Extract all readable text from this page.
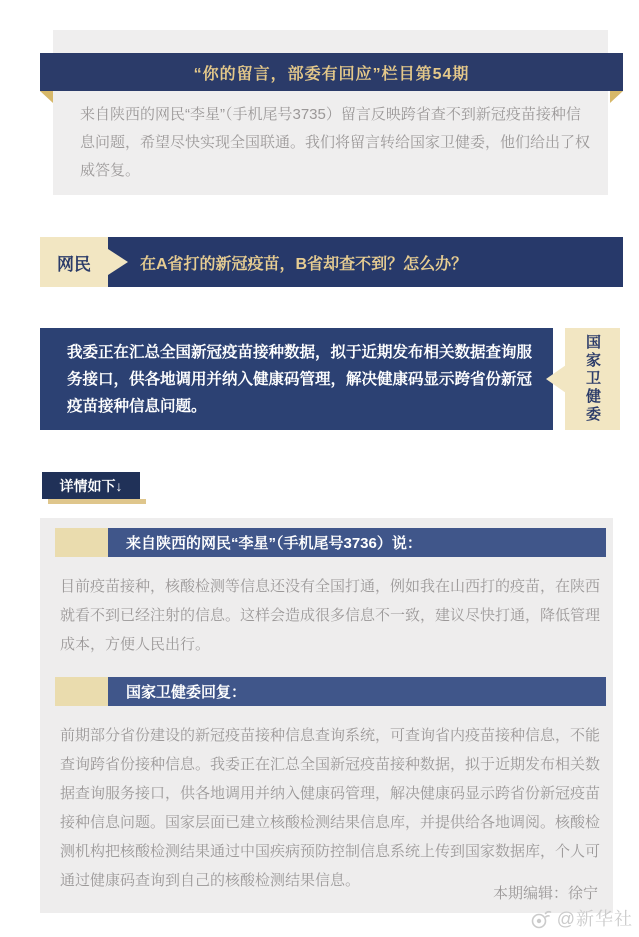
“你的留言，部委有回应”栏目第54期
来自陕西的网民“李星”（手机尾号3735）留言反映跨省查不到新冠疫苗接种信息问题，希望尽快实现全国联通。我们将留言转给国家卫健委，他们给出了权威答复。
在A省打的新冠疫苗，B省却查不到？怎么办？
网民
我委正在汇总全国新冠疫苗接种数据，拟于近期发布相关数据查询服务接口，供各地调用并纳入健康码管理，解决健康码显示跨省份新冠疫苗接种信息问题。	国家卫健委
详情如下↓
来自陕西的网民“李星”（手机尾号3736）说：
目前疫苗接种，核酸检测等信息还没有全国打通，例如我在山西打的疫苗，在陕西就看不到已经注射的信息。这样会造成很多信息不一致，建议尽快打通，降低管理成本，方便人民出行。
国家卫健委回复：
前期部分省份建设的新冠疫苗接种信息查询系统，可查询省内疫苗接种信息，不能查询跨省份接种信息。我委正在汇总全国新冠疫苗接种数据，拟于近期发布相关数据查询服务接口，供各地调用并纳入健康码管理，解决健康码显示跨省份新冠疫苗接种信息问题。国家层面已建立核酸检测结果信息库，并提供给各地调阅。核酸检测机构把核酸检测结果通过中国疾病预防控制信息系统上传到国家数据库，个人可通过健康码查询到自己的核酸检测结果信息。
本期编辑：徐宁
@新华社
